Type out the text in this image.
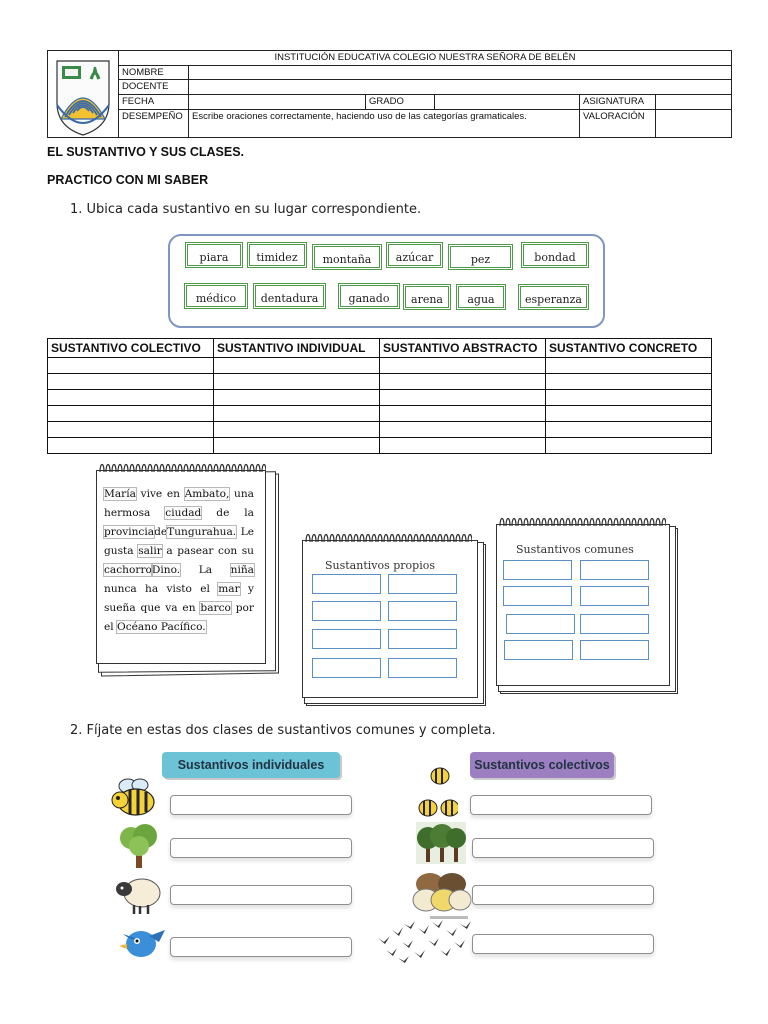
	INSTITUCIÓN EDUCATIVA COLEGIO NUESTRA SEÑORA DE BELÉN					
	NOMBRE					
	DOCENTE					
	FECHA		GRADO		ASIGNATURA	
	DESEMPEÑO	Escribe oraciones correctamente, haciendo uso de las categorías gramaticales.			VALORACIÓN	
EL SUSTANTIVO Y SUS CLASES.
PRACTICO CON MI SABER
1. Ubica cada sustantivo en su lugar correspondiente.
piara	timidez	montaña	azúcar	pez	bondad
médico	dentadura	ganado	arena	agua	esperanza
SUSTANTIVO COLECTIVO	SUSTANTIVO INDIVIDUAL	SUSTANTIVO ABSTRACTO	SUSTANTIVO CONCRETO

María vive en Ambato, una hermosa ciudad de la provinciadeTungurahua. Le gusta salir a pasear con su cachorroDino. La niña nunca ha visto el mar y sueña que va en barco por el Océano Pacífico.
Sustantivos propios
Sustantivos comunes
2. Fíjate en estas dos clases de sustantivos comunes y completa.
Sustantivos individuales	Sustantivos colectivos
